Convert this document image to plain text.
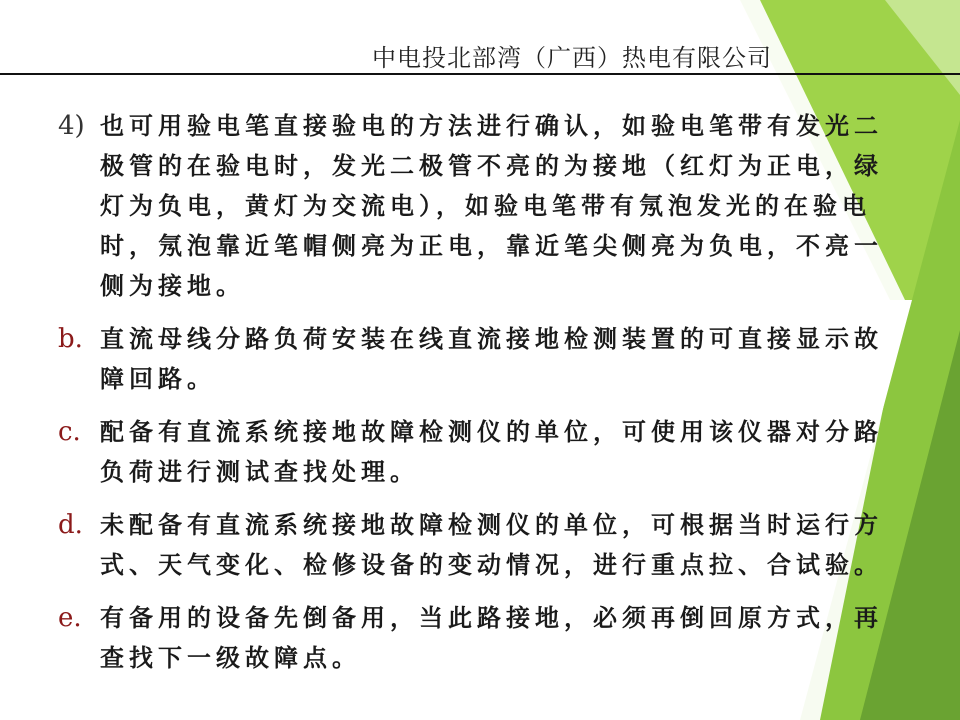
中电投北部湾（广西）热电有限公司
4) 也可用验电笔直接验电的方法进行确认，如验电笔带有发光二极管的在验电时，发光二极管不亮的为接地（红灯为正电，绿灯为负电，黄灯为交流电），如验电笔带有氖泡发光的在验电时，氖泡靠近笔帽侧亮为正电，靠近笔尖侧亮为负电，不亮一侧为接地。

b. 直流母线分路负荷安装在线直流接地检测装置的可直接显示故障回路。

c. 配备有直流系统接地故障检测仪的单位，可使用该仪器对分路负荷进行测试查找处理。

d. 未配备有直流系统接地故障检测仪的单位，可根据当时运行方式、天气变化、检修设备的变动情况，进行重点拉、合试验。

e. 有备用的设备先倒备用，当此路接地，必须再倒回原方式，再查找下一级故障点。
